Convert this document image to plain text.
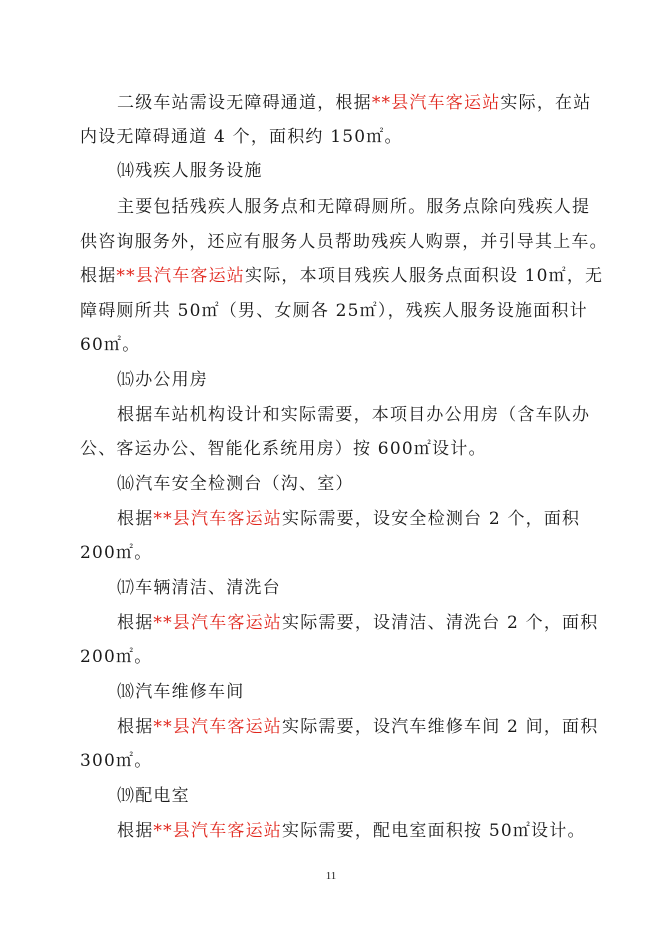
二级车站需设无障碍通道，根据**县汽车客运站实际，在站
内设无障碍通道 4 个，面积约 150㎡。
⒁残疾人服务设施
主要包括残疾人服务点和无障碍厕所。服务点除向残疾人提
供咨询服务外，还应有服务人员帮助残疾人购票，并引导其上车。
根据**县汽车客运站实际，本项目残疾人服务点面积设 10㎡，无
障碍厕所共 50㎡（男、女厕各 25㎡），残疾人服务设施面积计
60㎡。
⒂办公用房
根据车站机构设计和实际需要，本项目办公用房（含车队办
公、客运办公、智能化系统用房）按 600㎡设计。
⒃汽车安全检测台（沟、室）
根据**县汽车客运站实际需要，设安全检测台 2 个，面积
200㎡。
⒄车辆清洁、清洗台
根据**县汽车客运站实际需要，设清洁、清洗台 2 个，面积
200㎡。
⒅汽车维修车间
根据**县汽车客运站实际需要，设汽车维修车间 2 间，面积
300㎡。
⒆配电室
根据**县汽车客运站实际需要，配电室面积按 50㎡设计。
11
